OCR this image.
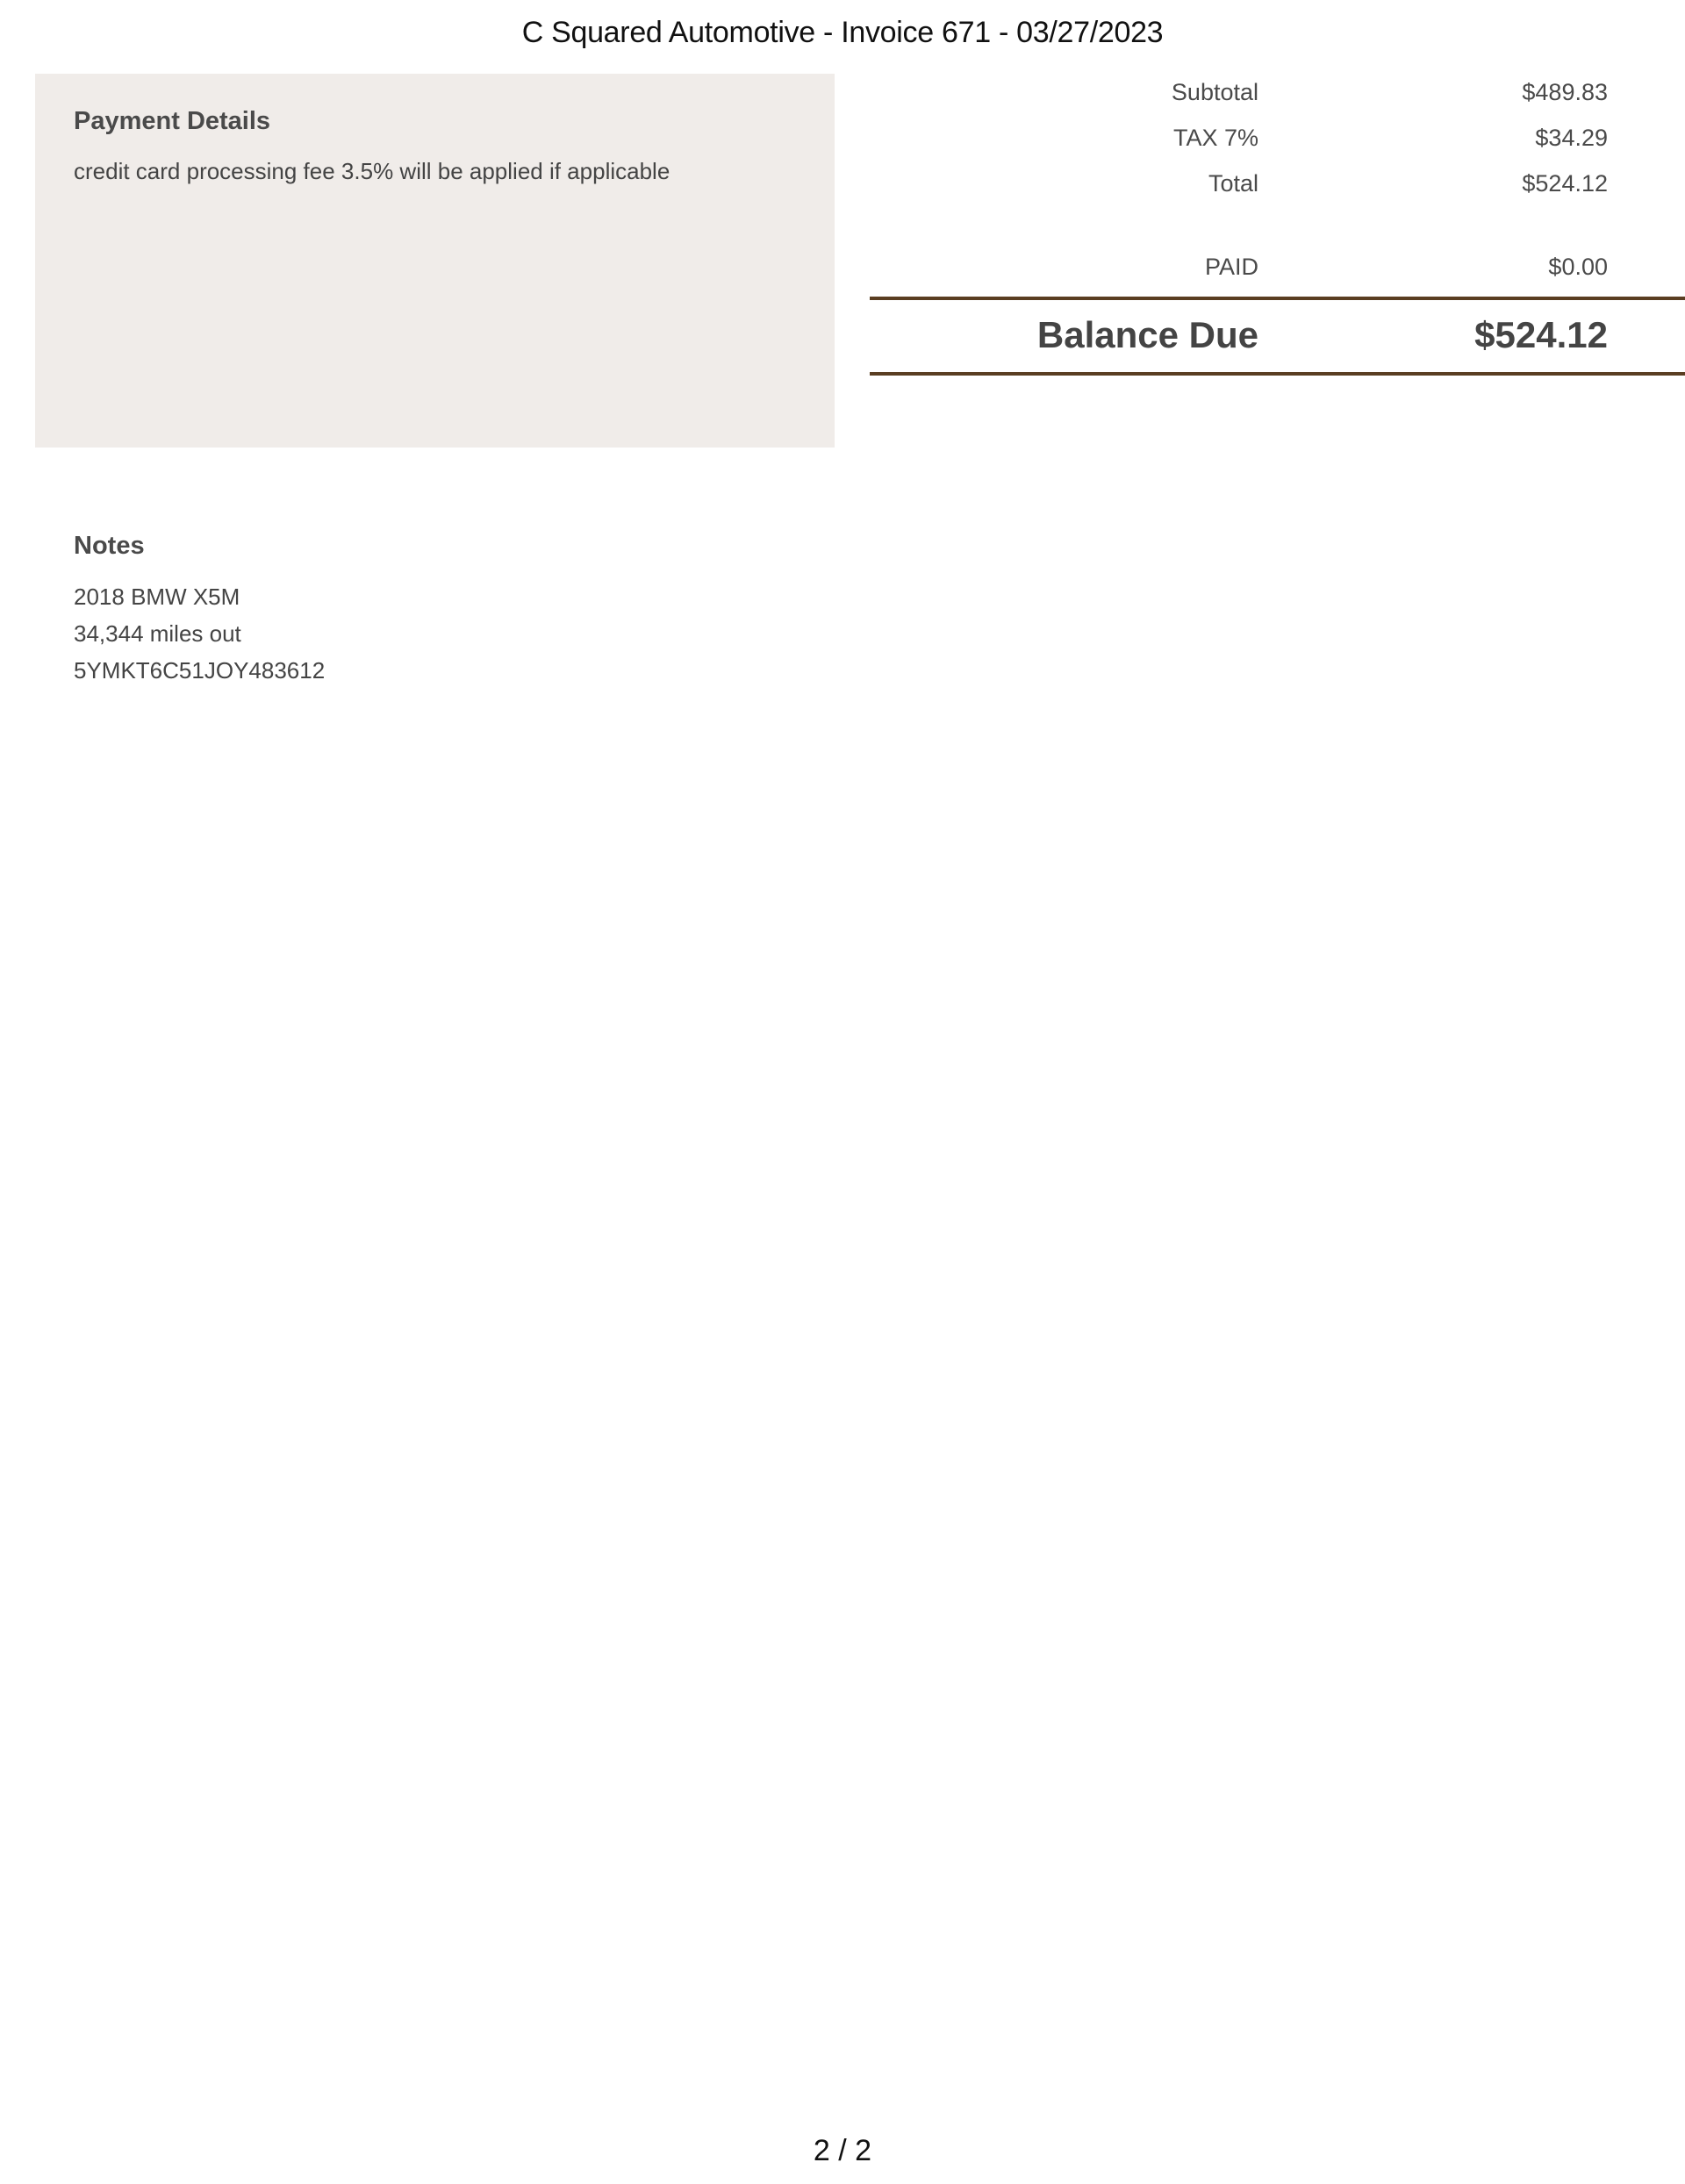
C Squared Automotive - Invoice 671 - 03/27/2023
Payment Details
credit card processing fee 3.5% will be applied if applicable
Subtotal	$489.83
TAX 7%	$34.29
Total	$524.12
PAID	$0.00
Balance Due	$524.12
Notes
2018 BMW X5M
34,344 miles out
5YMKT6C51JOY483612
2 / 2
